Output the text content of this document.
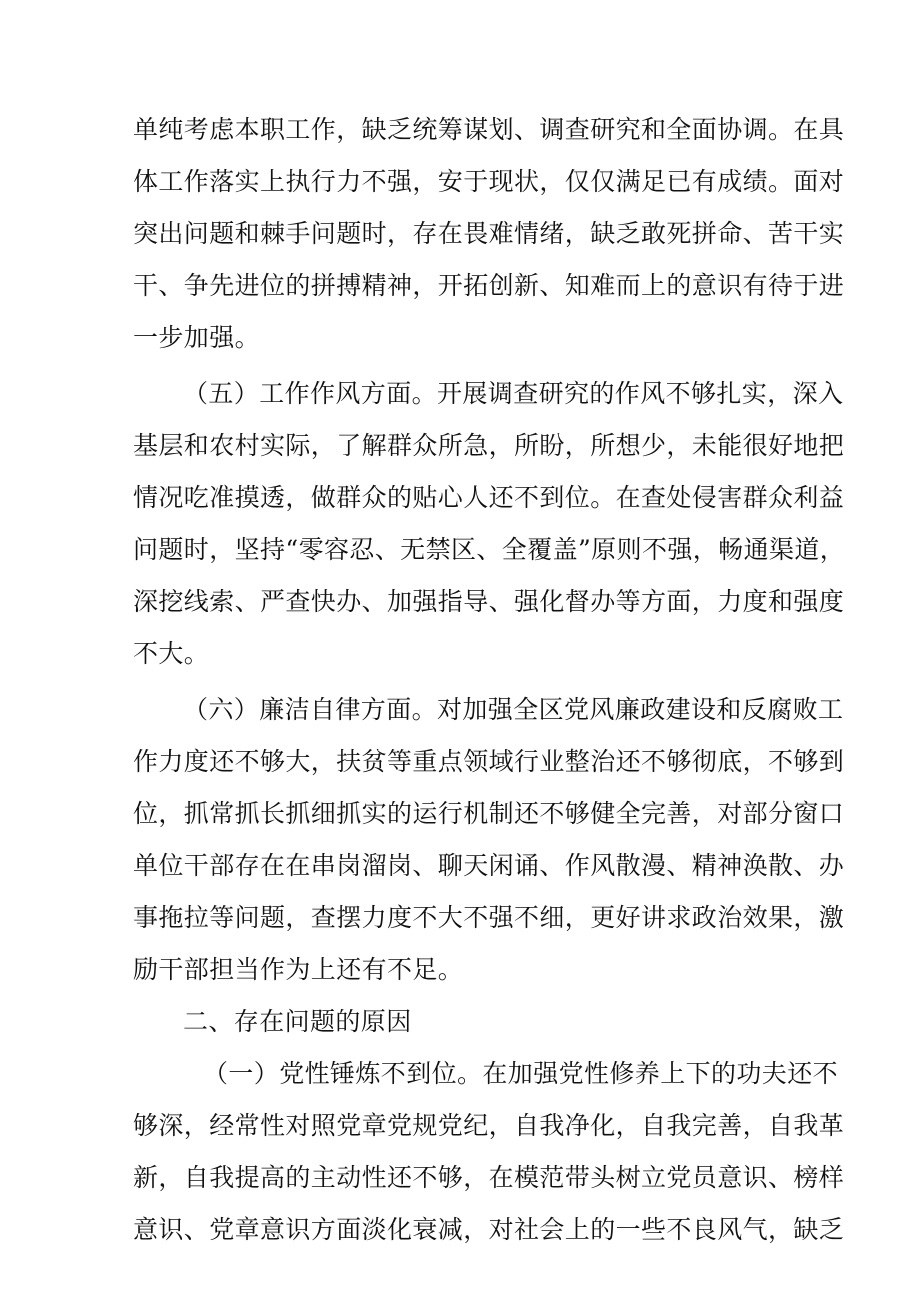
单纯考虑本职工作，缺乏统筹谋划、调查研究和全面协调。在具
体工作落实上执行力不强，安于现状，仅仅满足已有成绩。面对
突出问题和棘手问题时，存在畏难情绪，缺乏敢死拼命、苦干实
干、争先进位的拼搏精神，开拓创新、知难而上的意识有待于进
一步加强。
（五）工作作风方面。开展调查研究的作风不够扎实，深入
基层和农村实际，了解群众所急，所盼，所想少，未能很好地把
情况吃准摸透，做群众的贴心人还不到位。在查处侵害群众利益
问题时，坚持“零容忍、无禁区、全覆盖”原则不强，畅通渠道，
深挖线索、严查快办、加强指导、强化督办等方面，力度和强度
不大。
（六）廉洁自律方面。对加强全区党风廉政建设和反腐败工
作力度还不够大，扶贫等重点领域行业整治还不够彻底，不够到
位，抓常抓长抓细抓实的运行机制还不够健全完善，对部分窗口
单位干部存在在串岗溜岗、聊天闲诵、作风散漫、精神涣散、办
事拖拉等问题，查摆力度不大不强不细，更好讲求政治效果，激
励干部担当作为上还有不足。
二、存在问题的原因
（一）党性锤炼不到位。在加强党性修养上下的功夫还不
够深，经常性对照党章党规党纪，自我净化，自我完善，自我革
新，自我提高的主动性还不够，在模范带头树立党员意识、榜样
意识、党章意识方面淡化衰减，对社会上的一些不良风气，缺乏
